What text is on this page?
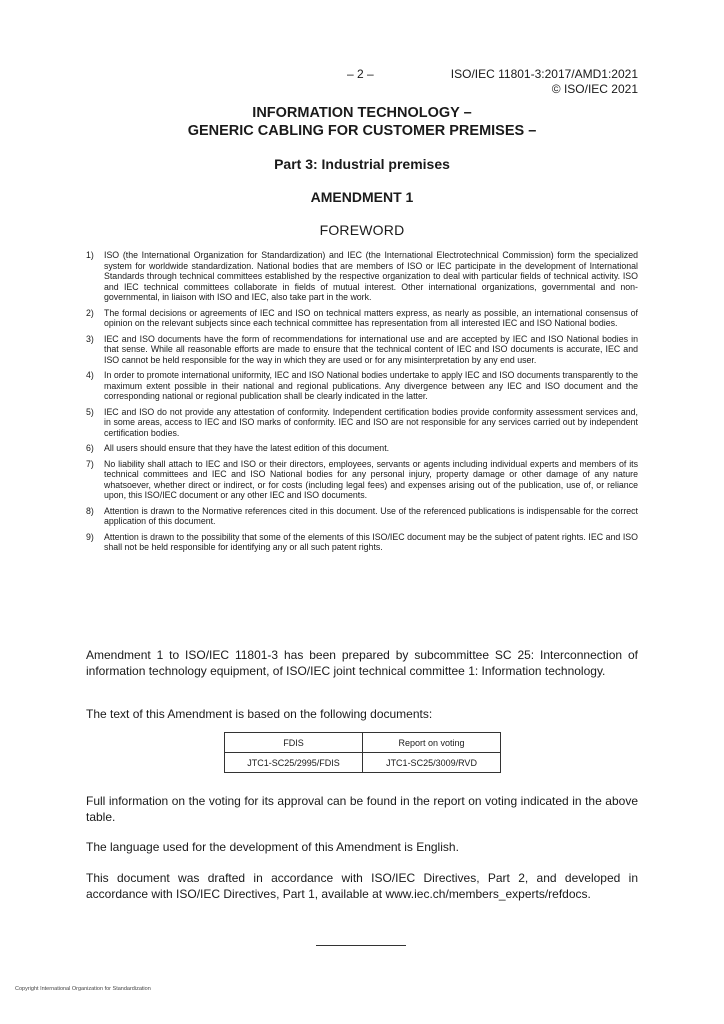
– 2 –	ISO/IEC 11801-3:2017/AMD1:2021
© ISO/IEC 2021
INFORMATION TECHNOLOGY –
GENERIC CABLING FOR CUSTOMER PREMISES –
Part 3: Industrial premises
AMENDMENT 1
FOREWORD
1) ISO (the International Organization for Standardization) and IEC (the International Electrotechnical Commission) form the specialized system for worldwide standardization. National bodies that are members of ISO or IEC participate in the development of International Standards through technical committees established by the respective organization to deal with particular fields of technical activity. ISO and IEC technical committees collaborate in fields of mutual interest. Other international organizations, governmental and non-governmental, in liaison with ISO and IEC, also take part in the work.
2) The formal decisions or agreements of IEC and ISO on technical matters express, as nearly as possible, an international consensus of opinion on the relevant subjects since each technical committee has representation from all interested IEC and ISO National bodies.
3) IEC and ISO documents have the form of recommendations for international use and are accepted by IEC and ISO National bodies in that sense. While all reasonable efforts are made to ensure that the technical content of IEC and ISO documents is accurate, IEC and ISO cannot be held responsible for the way in which they are used or for any misinterpretation by any end user.
4) In order to promote international uniformity, IEC and ISO National bodies undertake to apply IEC and ISO documents transparently to the maximum extent possible in their national and regional publications. Any divergence between any IEC and ISO document and the corresponding national or regional publication shall be clearly indicated in the latter.
5) IEC and ISO do not provide any attestation of conformity. Independent certification bodies provide conformity assessment services and, in some areas, access to IEC and ISO marks of conformity. IEC and ISO are not responsible for any services carried out by independent certification bodies.
6) All users should ensure that they have the latest edition of this document.
7) No liability shall attach to IEC and ISO or their directors, employees, servants or agents including individual experts and members of its technical committees and IEC and ISO National bodies for any personal injury, property damage or other damage of any nature whatsoever, whether direct or indirect, or for costs (including legal fees) and expenses arising out of the publication, use of, or reliance upon, this ISO/IEC document or any other IEC and ISO documents.
8) Attention is drawn to the Normative references cited in this document. Use of the referenced publications is indispensable for the correct application of this document.
9) Attention is drawn to the possibility that some of the elements of this ISO/IEC document may be the subject of patent rights. IEC and ISO shall not be held responsible for identifying any or all such patent rights.

Amendment 1 to ISO/IEC 11801-3 has been prepared by subcommittee SC 25: Interconnection of information technology equipment, of ISO/IEC joint technical committee 1: Information technology.

The text of this Amendment is based on the following documents:

FDIS	Report on voting
JTC1-SC25/2995/FDIS	JTC1-SC25/3009/RVD

Full information on the voting for its approval can be found in the report on voting indicated in the above table.

The language used for the development of this Amendment is English.

This document was drafted in accordance with ISO/IEC Directives, Part 2, and developed in accordance with ISO/IEC Directives, Part 1, available at www.iec.ch/members_experts/refdocs.

Copyright International Organization for Standardization
